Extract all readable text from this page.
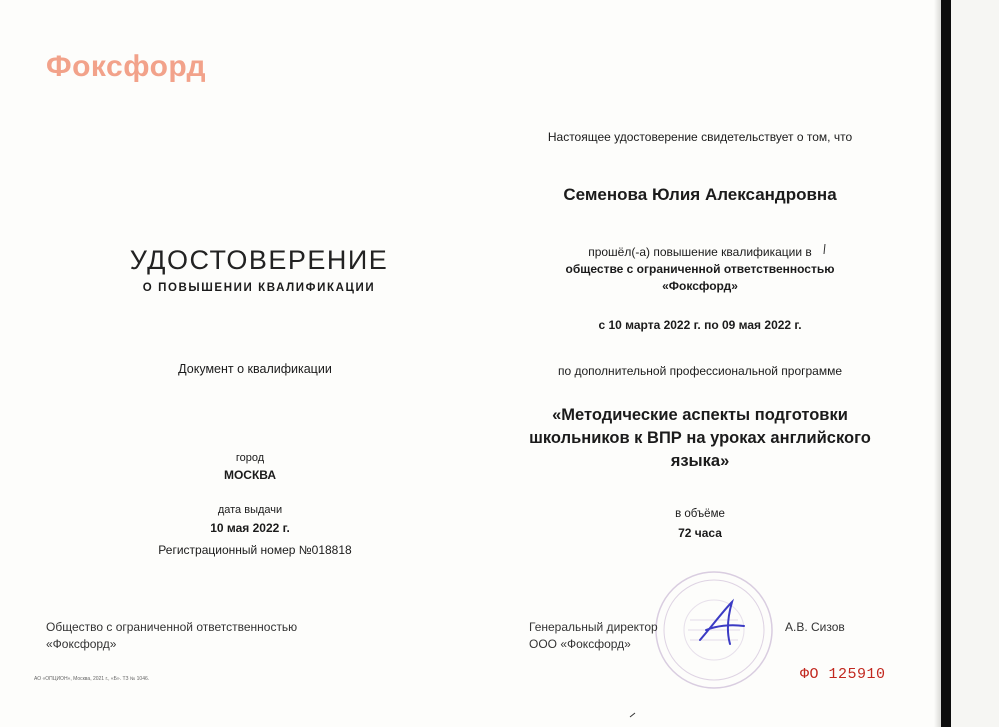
Фоксфорд
УДОСТОВЕРЕНИЕ
О ПОВЫШЕНИИ КВАЛИФИКАЦИИ
Документ о квалификации
город
МОСКВА
дата выдачи
10 мая 2022 г.
Регистрационный номер №018818
Общество с ограниченной ответственностью
«Фоксфорд»
АО «ОПЦИОН», Москва, 2021 г., «Б». ТЗ № 1046.
Настоящее удостоверение свидетельствует о том, что
Семенова Юлия Александровна
прошёл(-а) повышение квалификации в
обществе с ограниченной ответственностью
«Фоксфорд»
с 10 марта 2022 г. по 09 мая 2022 г.
по дополнительной профессиональной программе
«Методические аспекты подготовки школьников к ВПР на уроках английского языка»
в объёме
72 часа
Генеральный директор
ООО «Фоксфорд»
А.В. Сизов
ФО 125910
